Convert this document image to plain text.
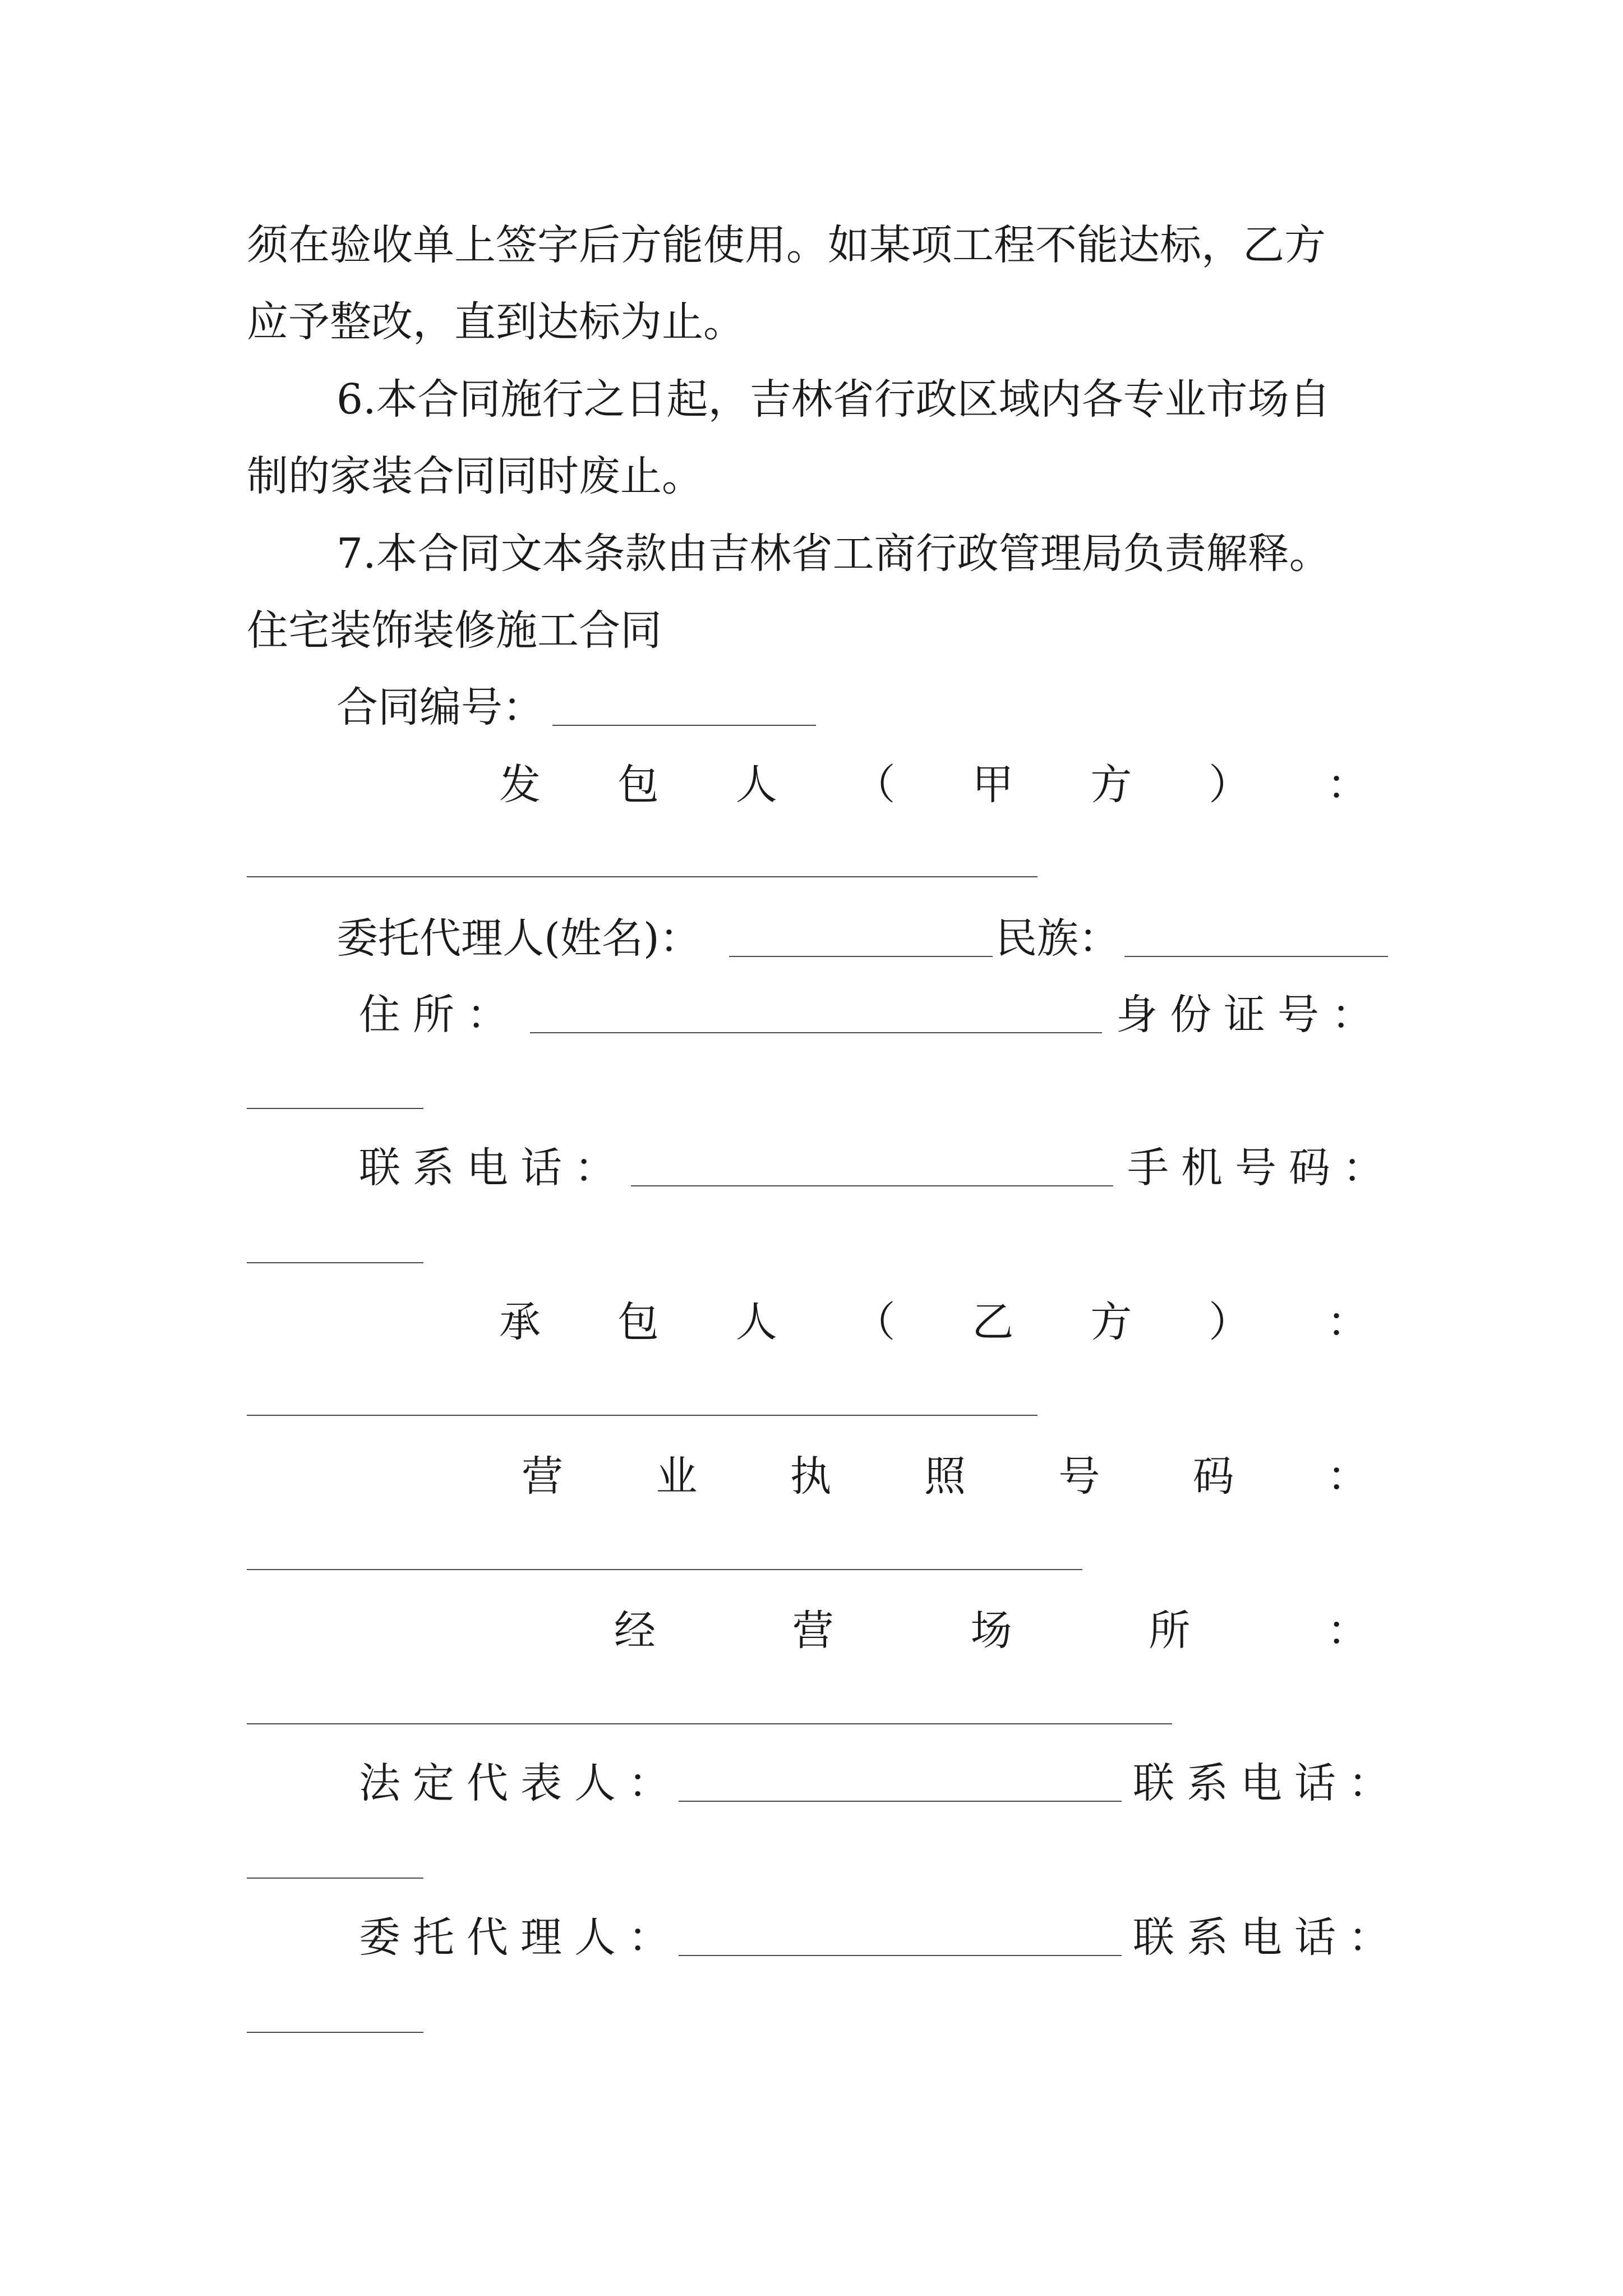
须在验收单上签字后方能使用。如某项工程不能达标，乙方
应予整改，直到达标为止。
6.本合同施行之日起，吉林省行政区域内各专业市场自
制的家装合同同时废止。
7.本合同文本条款由吉林省工商行政管理局负责解释。
住宅装饰装修施工合同
合同编号：
发 包 人 （ 甲 方 ） ：
委托代理人(姓名)：	民族：
住所：	身份证号：
联系电话：	手机号码：
承 包 人 （ 乙 方 ） ：
营 业 执 照 号 码 ：
经	营	场	所	：
法定代表人：	联系电话：
委托代理人：	联系电话：
